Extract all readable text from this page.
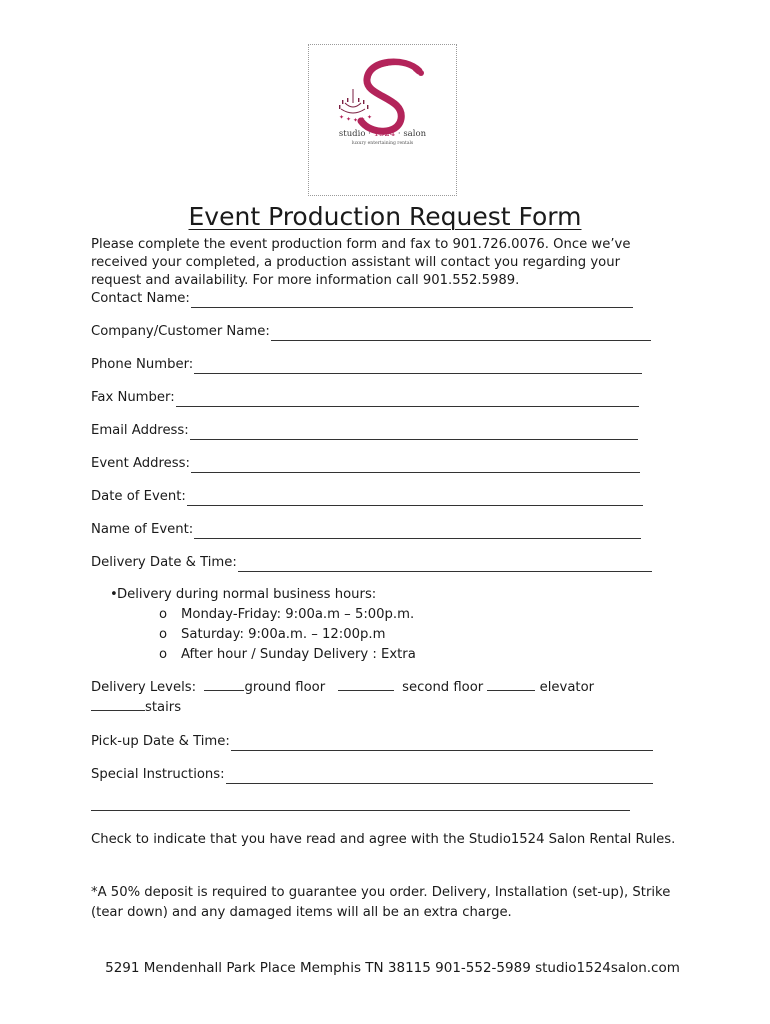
✦ ✦ ✦ ✦ ✦
studio · 1524 · salon
luxury entertaining rentals
Event Production Request Form
Please complete the event production form and fax to 901.726.0076. Once we’ve
received your completed, a production assistant will contact you regarding your
request and availability. For more information call 901.552.5989.
Contact Name:
Company/Customer Name:
Phone Number:
Fax Number:
Email Address:
Event Address:
Date of Event:
Name of Event:
Delivery Date & Time:
• Delivery during normal business hours:
o Monday-Friday: 9:00a.m – 5:00p.m.
o Saturday: 9:00a.m. – 12:00p.m
o After hour / Sunday Delivery : Extra
Delivery Levels:	ground floor	second floor	elevator
stairs
Pick-up Date & Time:
Special Instructions:
Check to indicate that you have read and agree with the Studio1524 Salon Rental Rules.
*A 50% deposit is required to guarantee you order. Delivery, Installation (set-up), Strike (tear down) and any damaged items will all be an extra charge.
5291 Mendenhall Park Place Memphis TN 38115 901-552-5989 studio1524salon.com
